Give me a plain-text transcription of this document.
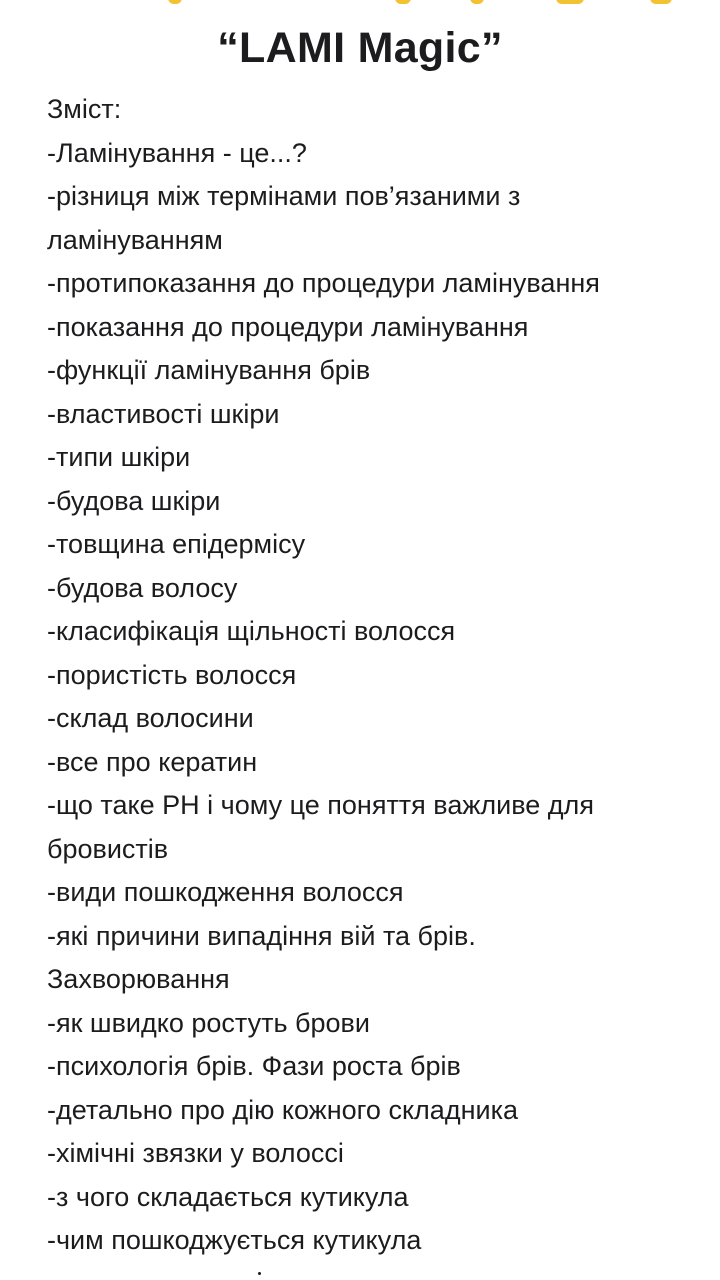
“LAMI Magic”
Зміст:
-Ламінування - це...?
-різниця між термінами пов’язаними з
ламінуванням
-протипоказання до процедури ламінування
-показання до процедури ламінування
-функції ламінування брів
-властивості шкіри
-типи шкіри
-будова шкіри
-товщина епідермісу
-будова волосу
-класифікація щільності волосся
-пористість волосся
-склад волосини
-все про кератин
-що таке PH і чому це поняття важливе для
бровистів
-види пошкодження волосся
-які причини випадіння вій та брів.
Захворювання
-як швидко ростуть брови
-психологія брів. Фази роста брів
-детально про дію кожного складника
-хімічні звязки у волоссі
-з чого складається кутикула
-чим пошкоджується кутикула
